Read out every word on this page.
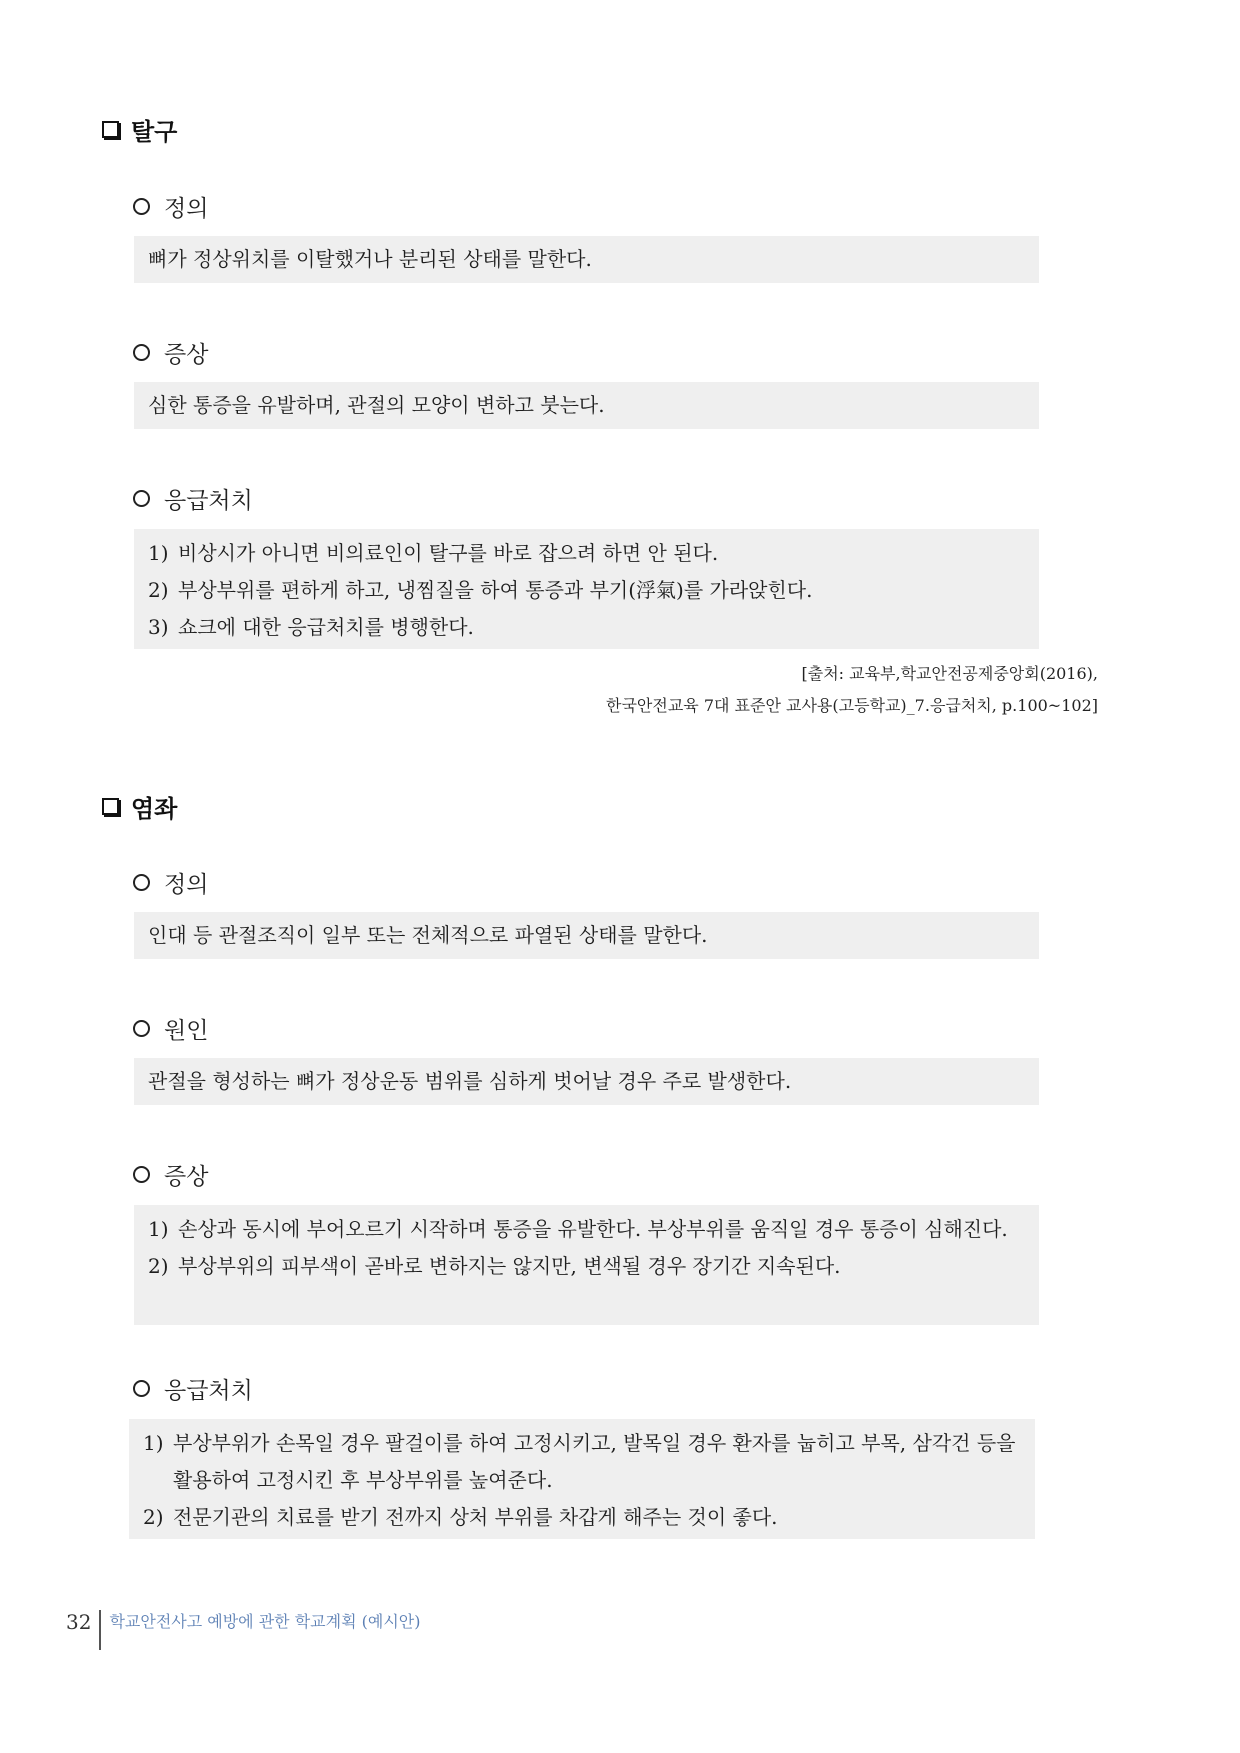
탈구
정의

뼈가 정상위치를 이탈했거나 분리된 상태를 말한다.

증상

심한 통증을 유발하며, 관절의 모양이 변하고 붓는다.

응급처치

1) 비상시가 아니면 비의료인이 탈구를 바로 잡으려 하면 안 된다.

2) 부상부위를 편하게 하고, 냉찜질을 하여 통증과 부기(浮氣)를 가라앉힌다.

3) 쇼크에 대한 응급처치를 병행한다.

[출처: 교육부,학교안전공제중앙회(2016),
한국안전교육 7대 표준안 교사용(고등학교)_7.응급처치, p.100~102]
염좌
정의

인대 등 관절조직이 일부 또는 전체적으로 파열된 상태를 말한다.

원인

관절을 형성하는 뼈가 정상운동 범위를 심하게 벗어날 경우 주로 발생한다.

증상

1) 손상과 동시에 부어오르기 시작하며 통증을 유발한다. 부상부위를 움직일 경우 통증이 심해진다.

2) 부상부위의 피부색이 곧바로 변하지는 않지만, 변색될 경우 장기간 지속된다.

응급처치

1) 부상부위가 손목일 경우 팔걸이를 하여 고정시키고, 발목일 경우 환자를 눕히고 부목, 삼각건 등을 활용하여 고정시킨 후 부상부위를 높여준다.

2) 전문기관의 치료를 받기 전까지 상처 부위를 차갑게 해주는 것이 좋다.

32 학교안전사고 예방에 관한 학교계획 (예시안)
